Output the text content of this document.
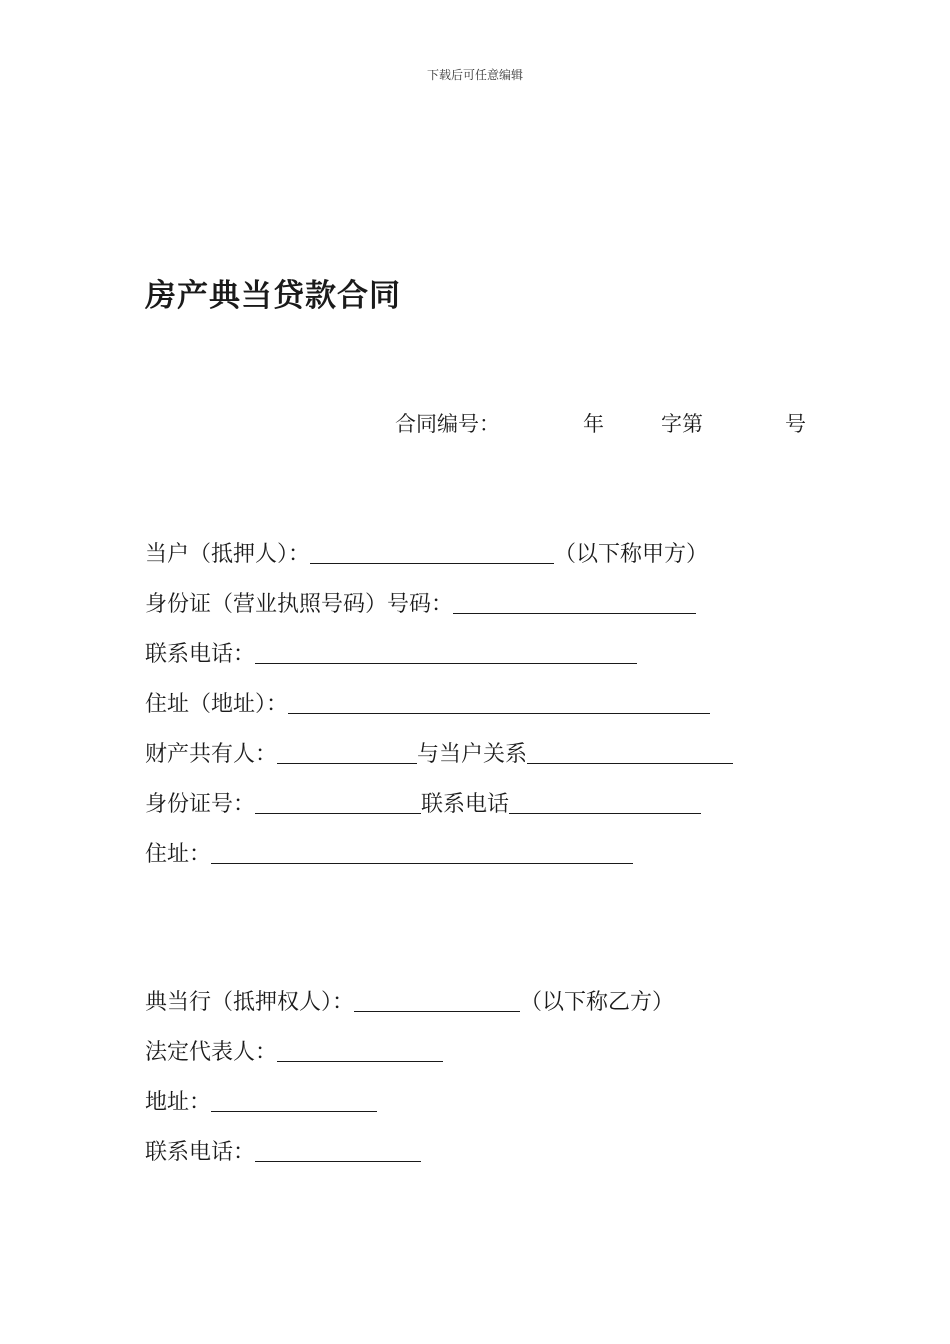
下载后可任意编辑
房产典当贷款合同
合同编号：	年	字第	号
当户（抵押人）：	（以下称甲方）
身份证（营业执照号码）号码：
联系电话：
住址（地址）：
财产共有人：	与当户关系
身份证号：	联系电话
住址：
典当行（抵押权人）：	（以下称乙方）
法定代表人：
地址：
联系电话：
